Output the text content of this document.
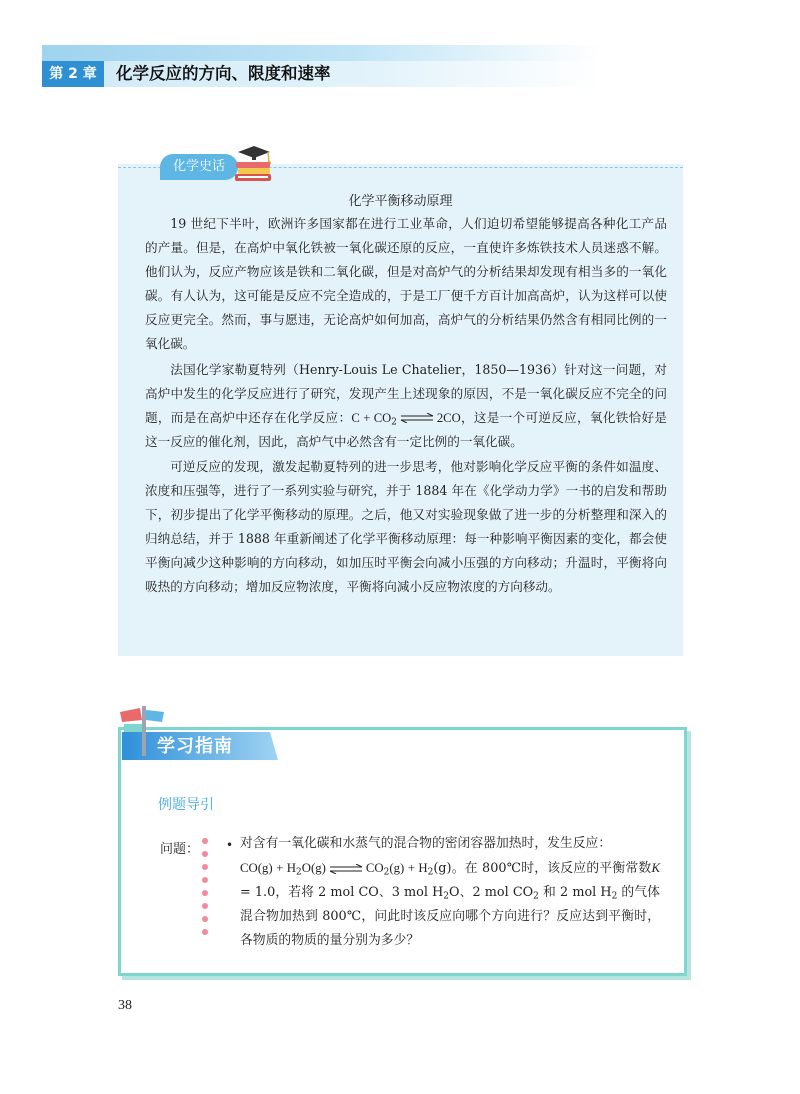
第 2 章	化学反应的方向、限度和速率
化学史话
化学平衡移动原理

19 世纪下半叶，欧洲许多国家都在进行工业革命，人们迫切希望能够提高各种化工产品的产量。但是，在高炉中氧化铁被一氧化碳还原的反应，一直使许多炼铁技术人员迷惑不解。他们认为，反应产物应该是铁和二氧化碳，但是对高炉气的分析结果却发现有相当多的一氧化碳。有人认为，这可能是反应不完全造成的，于是工厂便千方百计加高高炉，认为这样可以使反应更完全。然而，事与愿违，无论高炉如何加高，高炉气的分析结果仍然含有相同比例的一氧化碳。

法国化学家勒夏特列（Henry-Louis Le Chatelier，1850—1936）针对这一问题，对高炉中发生的化学反应进行了研究，发现产生上述现象的原因，不是一氧化碳反应不完全的问题，而是在高炉中还存在化学反应：$C + CO_2$ ⇌ 2CO，这是一个可逆反应，氧化铁恰好是这一反应的催化剂，因此，高炉气中必然含有一定比例的一氧化碳。

可逆反应的发现，激发起勒夏特列的进一步思考，他对影响化学反应平衡的条件如温度、浓度和压强等，进行了一系列实验与研究，并于 1884 年在《化学动力学》一书的启发和帮助下，初步提出了化学平衡移动的原理。之后，他又对实验现象做了进一步的分析整理和深入的归纳总结，并于 1888 年重新阐述了化学平衡移动原理：每一种影响平衡因素的变化，都会使平衡向减少这种影响的方向移动，如加压时平衡会向减小压强的方向移动；升温时，平衡将向吸热的方向移动；增加反应物浓度，平衡将向减小反应物浓度的方向移动。

学习指南
例题导引
问题： • 对含有一氧化碳和水蒸气的混合物的密闭容器加热时，发生反应：
$CO(g) + H_2O(g)$ ⇌ $CO_2(g) + H_2(g)$。在 800℃时，该反应的平衡常数K = 1.0，若将 2 mol CO、3 mol $H_2O$、2 mol $CO_2$ 和 2 mol $H_2$ 的气体混合物加热到 800℃，问此时该反应向哪个方向进行？反应达到平衡时，各物质的物质的量分别为多少？
38
